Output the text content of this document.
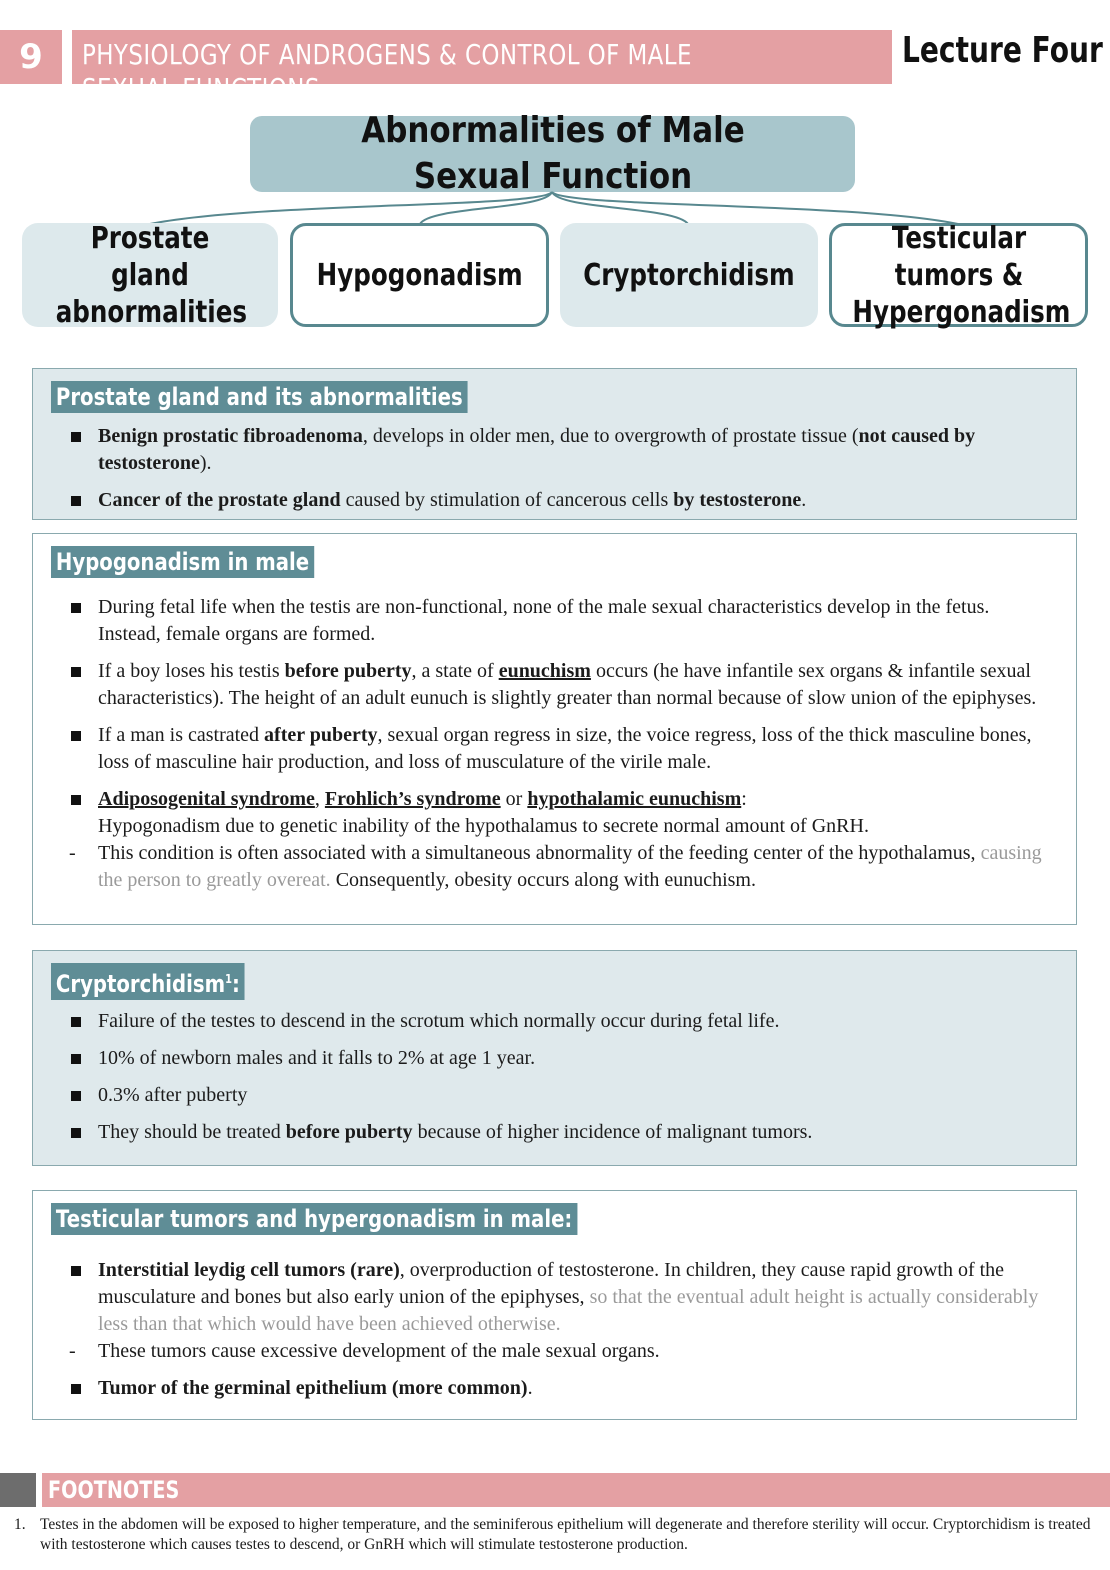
9	PHYSIOLOGY OF ANDROGENS & CONTROL OF MALE SEXUAL FUNCTIONS
Lecture Four
Abnormalities of Male Sexual Function
Prostate gland abnormalities
Hypogonadism Cryptorchidism
Testicular tumors & Hypergonadism
Prostate gland and its abnormalities
Benign prostatic fibroadenoma, develops in older men, due to overgrowth of prostate tissue (not caused by testosterone).
Cancer of the prostate gland caused by stimulation of cancerous cells by testosterone.
Hypogonadism in male
During fetal life when the testis are non-functional, none of the male sexual characteristics develop in the fetus. Instead, female organs are formed.
If a boy loses his testis before puberty, a state of eunuchism occurs (he have infantile sex organs & infantile sexual characteristics). The height of an adult eunuch is slightly greater than normal because of slow union of the epiphyses.
If a man is castrated after puberty, sexual organ regress in size, the voice regress, loss of the thick masculine bones, loss of masculine hair production, and loss of musculature of the virile male.
Adiposogenital syndrome, Frohlich’s syndrome or hypothalamic eunuchism:
Hypogonadism due to genetic inability of the hypothalamus to secrete normal amount of GnRH.
- This condition is often associated with a simultaneous abnormality of the feeding center of the hypothalamus, causing the person to greatly overeat. Consequently, obesity occurs along with eunuchism.
Cryptorchidism$^1$:
Failure of the testes to descend in the scrotum which normally occur during fetal life.
10% of newborn males and it falls to 2% at age 1 year.
0.3% after puberty
They should be treated before puberty because of higher incidence of malignant tumors.
Testicular tumors and hypergonadism in male:
Interstitial leydig cell tumors (rare), overproduction of testosterone. In children, they cause rapid growth of the musculature and bones but also early union of the epiphyses, so that the eventual adult height is actually considerably less than that which would have been achieved otherwise.
- These tumors cause excessive development of the male sexual organs.
Tumor of the germinal epithelium (more common).
FOOTNOTES
1. Testes in the abdomen will be exposed to higher temperature, and the seminiferous epithelium will degenerate and therefore sterility will occur. Cryptorchidism is treated with testosterone which causes testes to descend, or GnRH which will stimulate testosterone production.
